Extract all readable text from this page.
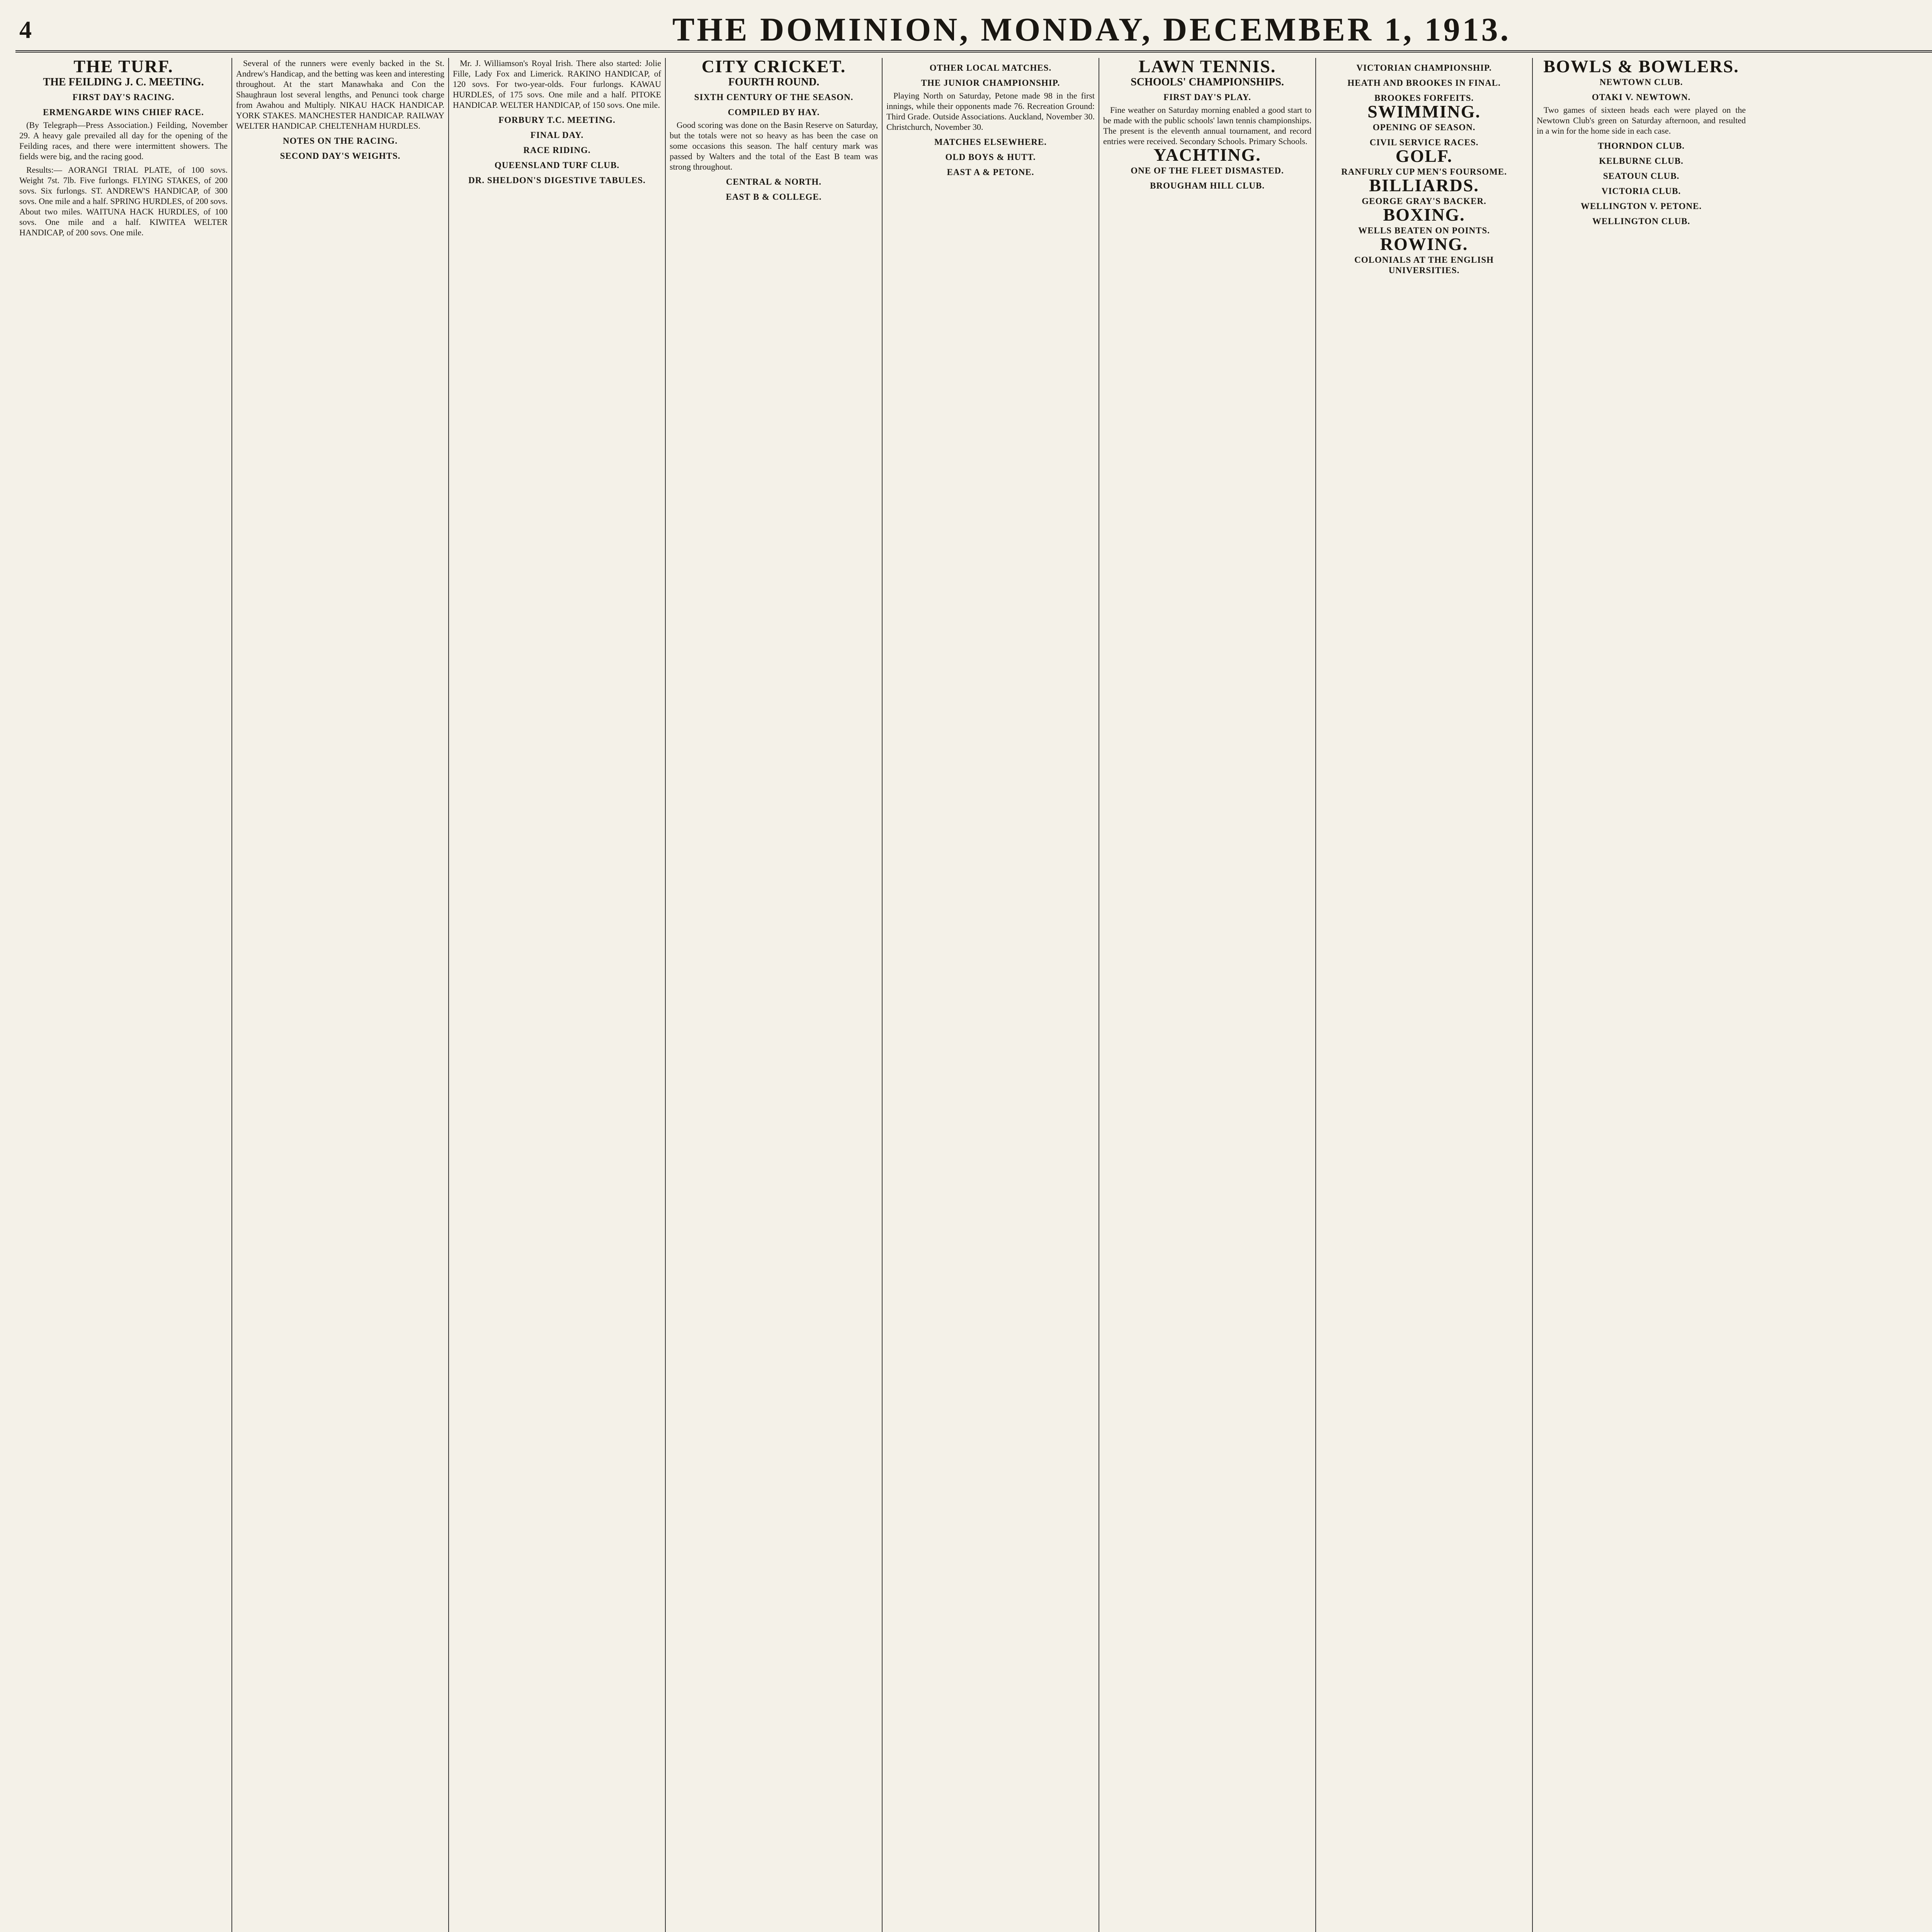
4	THE DOMINION, MONDAY, DECEMBER 1, 1913.
THE TURF.
THE FEILDING J. C. MEETING.
FIRST DAY'S RACING.
ERMENGARDE WINS CHIEF RACE.

(By Telegraph—Press Association.) Feilding, November 29. A heavy gale prevailed all day for the opening of the Feilding races, and there were intermittent showers. The fields were big, and the racing good.

Results:— AORANGI TRIAL PLATE, of 100 sovs. Weight 7st. 7lb. Five furlongs. FLYING STAKES, of 200 sovs. Six furlongs. ST. ANDREW'S HANDICAP, of 300 sovs. One mile and a half. SPRING HURDLES, of 200 sovs. About two miles. WAITUNA HACK HURDLES, of 100 sovs. One mile and a half. KIWITEA WELTER HANDICAP, of 200 sovs. One mile.

Several of the runners were evenly backed in the St. Andrew's Handicap, and the betting was keen and interesting throughout. At the start Manawhaka and Con the Shaughraun lost several lengths, and Penunci took charge from Awahou and Multiply. NIKAU HACK HANDICAP. YORK STAKES. MANCHESTER HANDICAP. RAILWAY WELTER HANDICAP. CHELTENHAM HURDLES.

NOTES ON THE RACING.
SECOND DAY'S WEIGHTS.

Mr. J. Williamson's Royal Irish. There also started: Jolie Fille, Lady Fox and Limerick. RAKINO HANDICAP, of 120 sovs. For two-year-olds. Four furlongs. KAWAU HURDLES, of 175 sovs. One mile and a half. PITOKE HANDICAP. WELTER HANDICAP, of 150 sovs. One mile.

FORBURY T.C. MEETING.
FINAL DAY.
RACE RIDING.
QUEENSLAND TURF CLUB.
DR. SHELDON'S DIGESTIVE TABULES.
CITY CRICKET.
FOURTH ROUND.
SIXTH CENTURY OF THE SEASON.
COMPILED BY HAY.

Good scoring was done on the Basin Reserve on Saturday, but the totals were not so heavy as has been the case on some occasions this season. The half century mark was passed by Walters and the total of the East B team was strong throughout.

CENTRAL & NORTH.
EAST B & COLLEGE.
OTHER LOCAL MATCHES.
THE JUNIOR CHAMPIONSHIP.

Playing North on Saturday, Petone made 98 in the first innings, while their opponents made 76. Recreation Ground: Third Grade. Outside Associations. Auckland, November 30. Christchurch, November 30.

MATCHES ELSEWHERE.
OLD BOYS & HUTT.
EAST A & PETONE.
LAWN TENNIS.
SCHOOLS' CHAMPIONSHIPS.
FIRST DAY'S PLAY.

Fine weather on Saturday morning enabled a good start to be made with the public schools' lawn tennis championships. The present is the eleventh annual tournament, and record entries were received. Secondary Schools. Primary Schools.

YACHTING.
ONE OF THE FLEET DISMASTED.
BROUGHAM HILL CLUB.
VICTORIAN CHAMPIONSHIP.
HEATH AND BROOKES IN FINAL.
BROOKES FORFEITS.
SWIMMING.
OPENING OF SEASON.
CIVIL SERVICE RACES.
GOLF.
RANFURLY CUP MEN'S FOURSOME.
BILLIARDS.
GEORGE GRAY'S BACKER.
BOXING.
WELLS BEATEN ON POINTS.
ROWING.
COLONIALS AT THE ENGLISH UNIVERSITIES.
BOWLS & BOWLERS.
NEWTOWN CLUB.
OTAKI V. NEWTOWN.

Two games of sixteen heads each were played on the Newtown Club's green on Saturday afternoon, and resulted in a win for the home side in each case.

THORNDON CLUB.
KELBURNE CLUB.
SEATOUN CLUB.
VICTORIA CLUB.
WELLINGTON V. PETONE.
WELLINGTON CLUB.
